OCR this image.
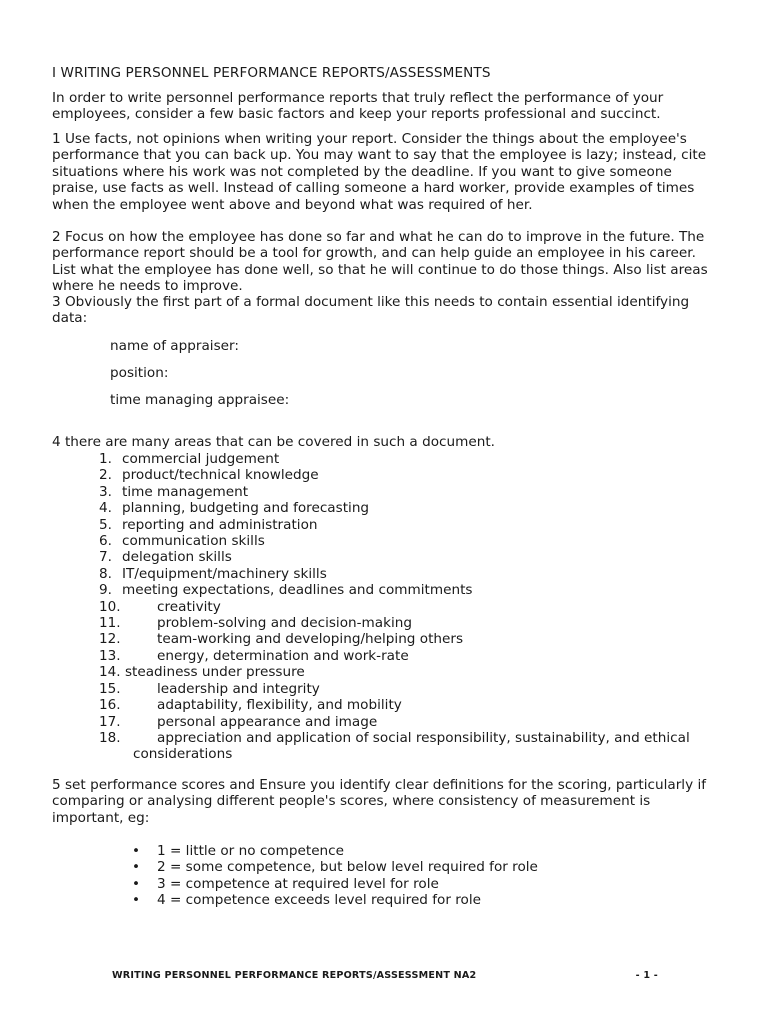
I WRITING PERSONNEL PERFORMANCE REPORTS/ASSESSMENTS

In order to write personnel performance reports that truly reflect the performance of your employees, consider a few basic factors and keep your reports professional and succinct.

1 Use facts, not opinions when writing your report. Consider the things about the employee's performance that you can back up. You may want to say that the employee is lazy; instead, cite situations where his work was not completed by the deadline. If you want to give someone praise, use facts as well. Instead of calling someone a hard worker, provide examples of times when the employee went above and beyond what was required of her.

2 Focus on how the employee has done so far and what he can do to improve in the future. The performance report should be a tool for growth, and can help guide an employee in his career. List what the employee has done well, so that he will continue to do those things. Also list areas where he needs to improve.

3 Obviously the first part of a formal document like this needs to contain essential identifying data:

name of appraiser:
position:
time managing appraisee:

4 there are many areas that can be covered in such a document.

1. commercial judgement
2. product/technical knowledge
3. time management
4. planning, budgeting and forecasting
5. reporting and administration
6. communication skills
7. delegation skills
8. IT/equipment/machinery skills
9. meeting expectations, deadlines and commitments
10.	creativity
11.	problem-solving and decision-making
12.	team-working and developing/helping others
13.	energy, determination and work-rate
14. steadiness under pressure
15.	leadership and integrity
16.	adaptability, flexibility, and mobility
17.	personal appearance and image
18.	appreciation and application of social responsibility, sustainability, and ethical
considerations

5 set performance scores and Ensure you identify clear definitions for the scoring, particularly if comparing or analysing different people's scores, where consistency of measurement is important, eg:

• 1 = little or no competence
• 2 = some competence, but below level required for role
• 3 = competence at required level for role
• 4 = competence exceeds level required for role
WRITING PERSONNEL PERFORMANCE REPORTS/ASSESSMENT NA2	- 1 -
